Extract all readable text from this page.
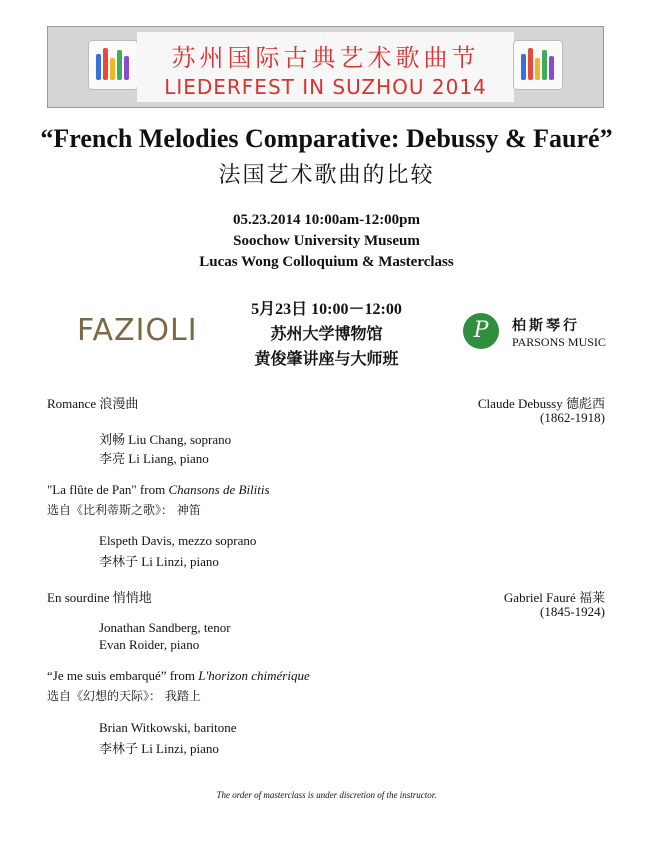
苏州国际古典艺术歌曲节
LIEDERFEST IN SUZHOU 2014
“French Melodies Comparative: Debussy & Fauré”
法国艺术歌曲的比较
05.23.2014 10:00am-12:00pm
Soochow University Museum
Lucas Wong Colloquium & Masterclass
5月23日 10:00－12:00
苏州大学博物馆
黄俊肇讲座与大师班
FAZIOLI	P	柏斯琴行
PARSONS MUSIC
Romance 浪漫曲	Claude Debussy 德彪西
(1862-1918)
刘畅 Liu Chang, soprano
李亮 Li Liang, piano
"La flûte de Pan" from Chansons de Bilitis
选自《比利蒂斯之歌》： 神笛
Elspeth Davis, mezzo soprano
李林子 Li Linzi, piano
En sourdine 悄悄地	Gabriel Fauré 福莱
(1845-1924)
Jonathan Sandberg, tenor
Evan Roider, piano
“Je me suis embarqué” from L'horizon chimérique
选自《幻想的天际》： 我踏上
Brian Witkowski, baritone
李林子 Li Linzi, piano
The order of masterclass is under discretion of the instructor.
